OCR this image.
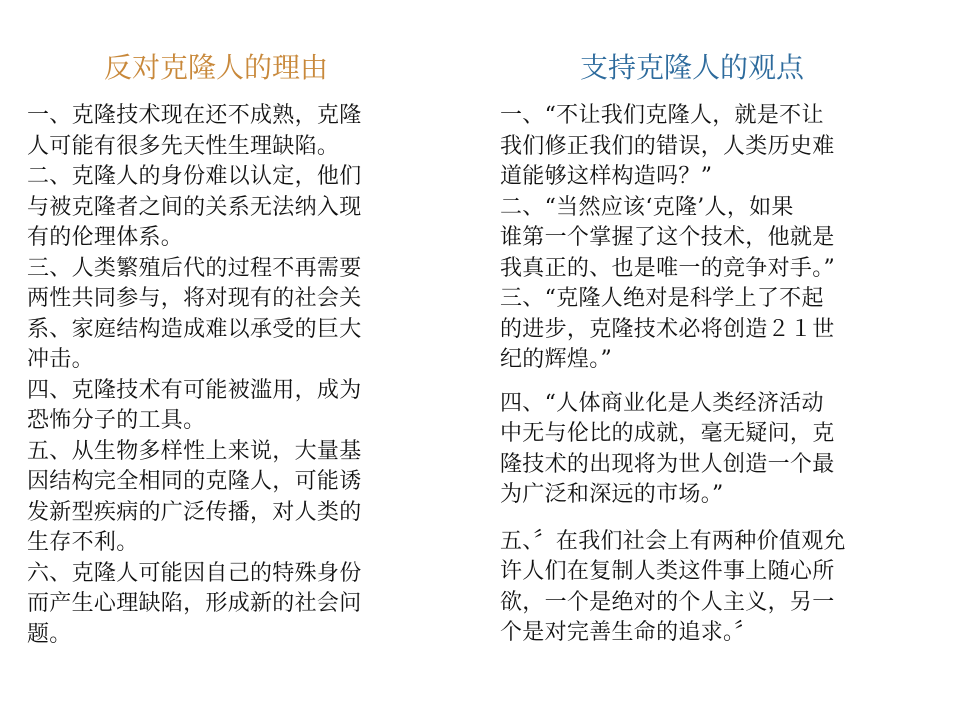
反对克隆人的理由	支持克隆人的观点

一、克隆技术现在还不成熟，克隆
人可能有很多先天性生理缺陷。

二、克隆人的身份难以认定，他们
与被克隆者之间的关系无法纳入现
有的伦理体系。

三、人类繁殖后代的过程不再需要
两性共同参与，将对现有的社会关
系、家庭结构造成难以承受的巨大
冲击。

四、克隆技术有可能被滥用，成为
恐怖分子的工具。

五、从生物多样性上来说，大量基
因结构完全相同的克隆人，可能诱
发新型疾病的广泛传播，对人类的
生存不利。

六、克隆人可能因自己的特殊身份
而产生心理缺陷，形成新的社会问
题。

一、“不让我们克隆人，就是不让
我们修正我们的错误，人类历史难
道能够这样构造吗？”

二、“当然应该‘克隆’人，如果
谁第一个掌握了这个技术，他就是
我真正的、也是唯一的竞争对手。”

三、“克隆人绝对是科学上了不起
的进步，克隆技术必将创造２１世
纪的辉煌。”

四、“人体商业化是人类经济活动
中无与伦比的成就，毫无疑问，克
隆技术的出现将为世人创造一个最
为广泛和深远的市场。”

五、〞在我们社会上有两种价值观允
许人们在复制人类这件事上随心所
欲，一个是绝对的个人主义，另一
个是对完善生命的追求。〞
